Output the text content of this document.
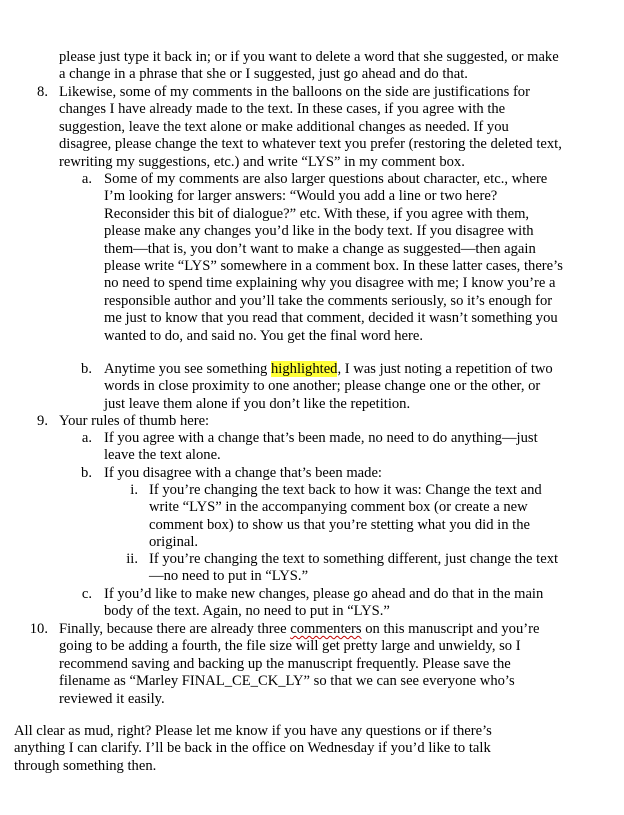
please just type it back in; or if you want to delete a word that she suggested, or make a change in a phrase that she or I suggested, just go ahead and do that.
8. Likewise, some of my comments in the balloons on the side are justifications for changes I have already made to the text. In these cases, if you agree with the suggestion, leave the text alone or make additional changes as needed. If you disagree, please change the text to whatever text you prefer (restoring the deleted text, rewriting my suggestions, etc.) and write “LYS” in my comment box.
a. Some of my comments are also larger questions about character, etc., where I’m looking for larger answers: “Would you add a line or two here? Reconsider this bit of dialogue?” etc. With these, if you agree with them, please make any changes you’d like in the body text. If you disagree with them—that is, you don’t want to make a change as suggested—then again please write “LYS” somewhere in a comment box. In these latter cases, there’s no need to spend time explaining why you disagree with me; I know you’re a responsible author and you’ll take the comments seriously, so it’s enough for me just to know that you read that comment, decided it wasn’t something you wanted to do, and said no. You get the final word here.
b. Anytime you see something highlighted, I was just noting a repetition of two words in close proximity to one another; please change one or the other, or just leave them alone if you don’t like the repetition.
9. Your rules of thumb here:
a. If you agree with a change that’s been made, no need to do anything—just leave the text alone.
b. If you disagree with a change that’s been made:
i. If you’re changing the text back to how it was: Change the text and write “LYS” in the accompanying comment box (or create a new comment box) to show us that you’re stetting what you did in the original.
ii. If you’re changing the text to something different, just change the text—no need to put in “LYS.”
c. If you’d like to make new changes, please go ahead and do that in the main body of the text. Again, no need to put in “LYS.”
10. Finally, because there are already three commenters on this manuscript and you’re going to be adding a fourth, the file size will get pretty large and unwieldy, so I recommend saving and backing up the manuscript frequently. Please save the filename as “Marley FINAL_CE_CK_LY” so that we can see everyone who’s reviewed it easily.
All clear as mud, right? Please let me know if you have any questions or if there’s anything I can clarify. I’ll be back in the office on Wednesday if you’d like to talk through something then.
